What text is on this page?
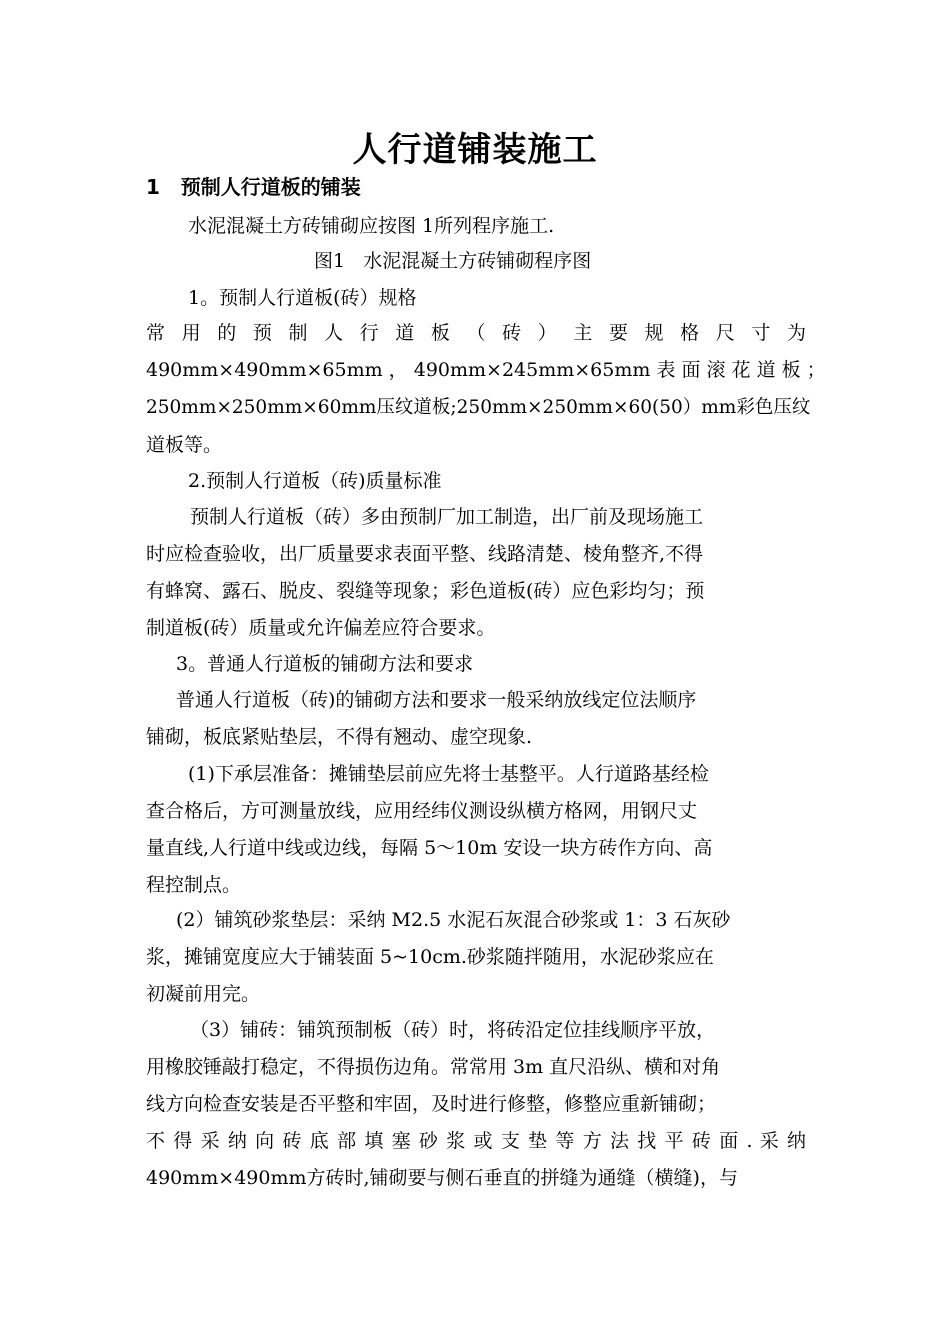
人行道铺装施工
1   预制人行道板的铺装
水泥混凝土方砖铺砌应按图 1所列程序施工.
图1   水泥混凝土方砖铺砌程序图
1。预制人行道板(砖）规格
常 用 的 预 制 人 行 道 板 （ 砖 ） 主 要 规 格 尺 寸 为
490mm×490mm×65mm ， 490mm×245mm×65mm 表 面 滚 花 道 板 ；
250mm×250mm×60mm压纹道板;250mm×250mm×60(50）mm彩色压纹
道板等。
2.预制人行道板（砖)质量标准
预制人行道板（砖）多由预制厂加工制造，出厂前及现场施工
时应检查验收，出厂质量要求表面平整、线路清楚、棱角整齐,不得
有蜂窝、露石、脱皮、裂缝等现象；彩色道板(砖）应色彩均匀；预
制道板(砖）质量或允许偏差应符合要求。
3。普通人行道板的铺砌方法和要求
普通人行道板（砖)的铺砌方法和要求一般采纳放线定位法顺序
铺砌，板底紧贴垫层，不得有翘动、虚空现象.
(1)下承层准备：摊铺垫层前应先将士基整平。人行道路基经检
查合格后，方可测量放线，应用经纬仪测设纵横方格网，用钢尺丈
量直线,人行道中线或边线，每隔 5～10m 安设一块方砖作方向、高
程控制点。
(2）铺筑砂浆垫层：采纳 M2.5 水泥石灰混合砂浆或 1：3 石灰砂
浆，摊铺宽度应大于铺装面 5~10cm.砂浆随拌随用，水泥砂浆应在
初凝前用完。
（3）铺砖：铺筑预制板（砖）时，将砖沿定位挂线顺序平放，
用橡胶锤敲打稳定，不得损伤边角。常常用 3m 直尺沿纵、横和对角
线方向检查安装是否平整和牢固，及时进行修整，修整应重新铺砌；
不 得 采 纳 向 砖 底 部 填 塞 砂 浆 或 支 垫 等 方 法 找 平 砖 面 . 采 纳
490mm×490mm方砖时,铺砌要与侧石垂直的拼缝为通缝（横缝)，与
